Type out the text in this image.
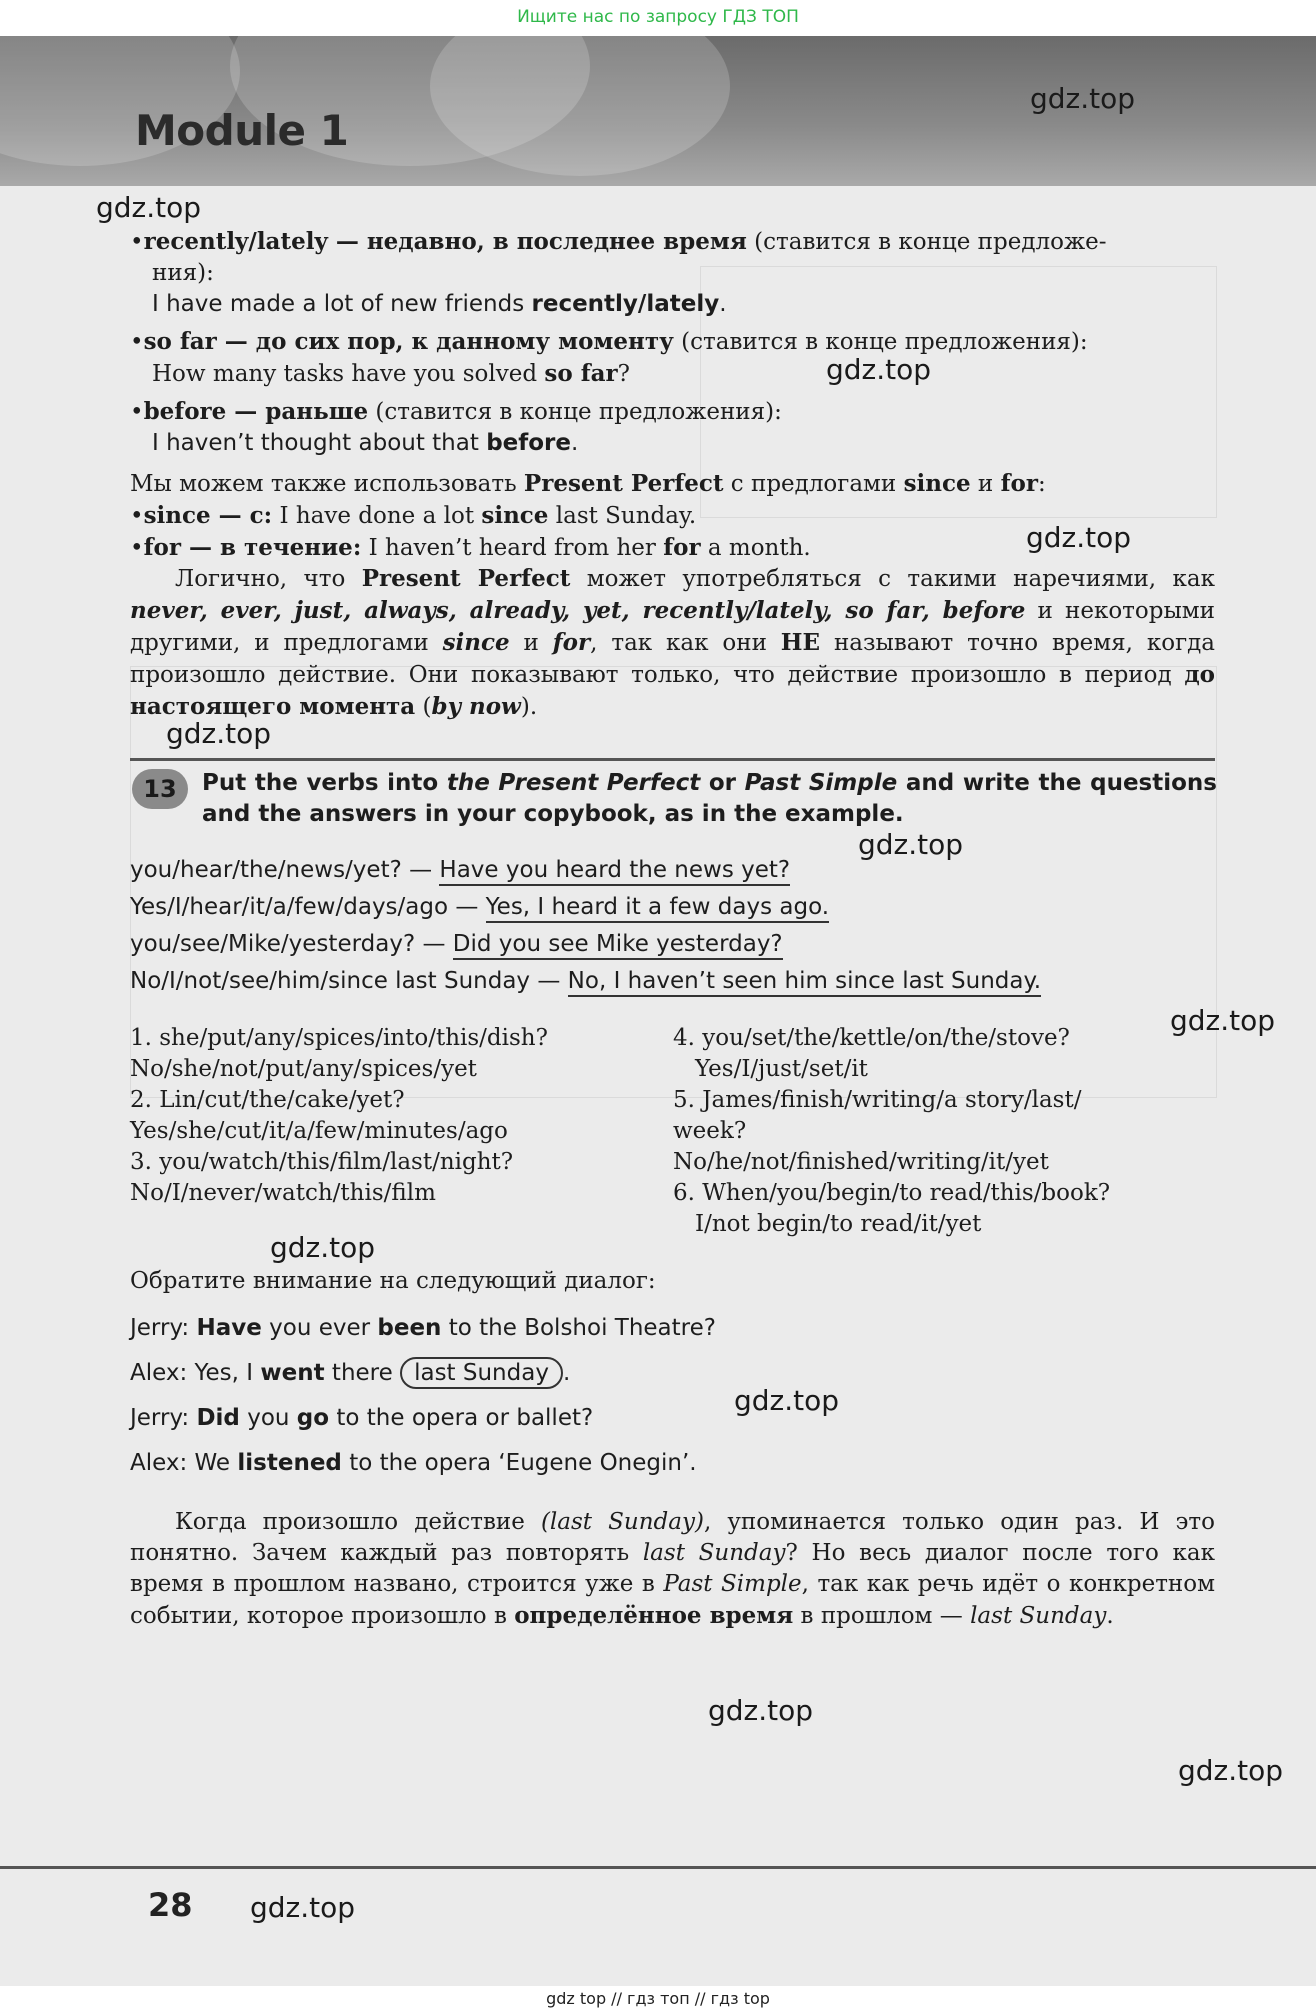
Ищите нас по запросу ГДЗ ТОП
Module 1

•recently/lately — недавно, в последнее время (ставится в конце предложе-

ния):

I have made a lot of new friends recently/lately.

•so far — до сих пор, к данному моменту (ставится в конце предложения):

How many tasks have you solved so far?

•before — раньше (ставится в конце предложения):

I haven’t thought about that before.

Мы можем также использовать Present Perfect с предлогами since и for:

•since — с: I have done a lot since last Sunday.

•for — в течение: I haven’t heard from her for a month.

Логично, что Present Perfect может употребляться с такими наречиями, как never, ever, just, always, already, yet, recently/lately, so far, before и некоторыми другими, и предлогами since и for, так как они НЕ называют точно время, когда произошло действие. Они показывают только, что действие произошло в период до настоящего момента (by now).

13	Put the verbs into the Present Perfect or Past Simple and write the questions and the answers in your copybook, as in the example.

you/hear/the/news/yet? — Have you heard the news yet?

Yes/I/hear/it/a/few/days/ago — Yes, I heard it a few days ago.

you/see/Mike/yesterday? — Did you see Mike yesterday?

No/I/not/see/him/since last Sunday — No, I haven’t seen him since last Sunday.

1. she/put/any/spices/into/this/dish?

No/she/not/put/any/spices/yet

2. Lin/cut/the/cake/yet?

Yes/she/cut/it/a/few/minutes/ago

3. you/watch/this/film/last/night?

No/I/never/watch/this/film

4. you/set/the/kettle/on/the/stove?

Yes/I/just/set/it

5. James/finish/writing/a story/last/

week?

No/he/not/finished/writing/it/yet

6. When/you/begin/to read/this/book?

I/not begin/to read/it/yet

Обратите внимание на следующий диалог:

Jerry: Have you ever been to the Bolshoi Theatre?

Alex: Yes, I went there last Sunday .

Jerry: Did you go to the opera or ballet?

Alex: We listened to the opera ‘Eugene Onegin’.

Когда произошло действие (last Sunday), упоминается только один раз. И это понятно. Зачем каждый раз повторять last Sunday? Но весь диалог после того как время в прошлом названо, строится уже в Past Simple, так как речь идёт о конкретном событии, которое произошло в определённое время в прошлом — last Sunday.

gdz.top
gdz.top
gdz.top
gdz.top
gdz.top
gdz.top
gdz.top
gdz.top
gdz.top
gdz.top
gdz.top
gdz.top

28

gdz top // гдз топ // гдз top
